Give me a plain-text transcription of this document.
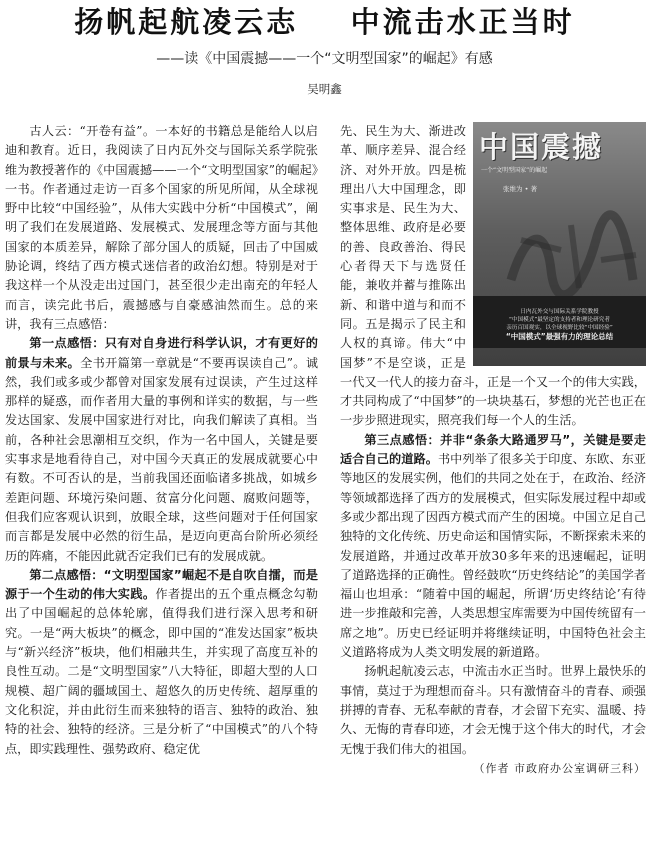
扬帆起航凌云志    中流击水正当时
——读《中国震撼——一个“文明型国家”的崛起》有感
吴明鑫

古人云：“开卷有益”。一本好的书籍总是能给人以启迪和教育。近日，我阅读了日内瓦外交与国际关系学院张维为教授著作的《中国震撼——一个“文明型国家”的崛起》一书。作者通过走访一百多个国家的所见所闻，从全球视野中比较“中国经验”，从伟大实践中分析“中国模式”，阐明了我们在发展道路、发展模式、发展理念等方面与其他国家的本质差异，解除了部分国人的质疑，回击了中国威胁论调，终结了西方模式迷信者的政治幻想。特别是对于我这样一个从没走出过国门，甚至很少走出南充的年轻人而言，读完此书后，震撼感与自豪感油然而生。总的来讲，我有三点感悟：

第一点感悟：只有对自身进行科学认识，才有更好的前景与未来。全书开篇第一章就是“不要再误读自己”。诚然，我们或多或少都曾对国家发展有过误读，产生过这样那样的疑惑，而作者用大量的事例和详实的数据，与一些发达国家、发展中国家进行对比，向我们解读了真相。当前，各种社会思潮相互交织，作为一名中国人，关键是要实事求是地看待自己，对中国今天真正的发展成就要心中有数。不可否认的是，当前我国还面临诸多挑战，如城乡差距问题、环境污染问题、贫富分化问题、腐败问题等，但我们应客观认识到，放眼全球，这些问题对于任何国家而言都是发展中必然的衍生品，是迈向更高台阶所必须经历的阵痛，不能因此就否定我们已有的发展成就。

第二点感悟：“文明型国家”崛起不是自吹自擂，而是源于一个生动的伟大实践。作者提出的五个重点概念勾勒出了中国崛起的总体轮廓，值得我们进行深入思考和研究。一是“两大板块”的概念，即中国的“准发达国家”板块与“新兴经济”板块，他们相融共生，并实现了高度互补的良性互动。二是“文明型国家”八大特征，即超大型的人口规模、超广阔的疆域国土、超悠久的历史传统、超厚重的文化积淀，并由此衍生而来独特的语言、独特的政治、独特的社会、独特的经济。三是分析了“中国模式”的八个特点，即实践理性、强势政府、稳定优

中国震撼
一个“文明型国家”的崛起
张维为 • 著
日内瓦外交与国际关系学院教授
“中国模式”最坚定的支持者和理论研究者
亲历百国观实，以全球视野比较“中国经验”
“中国模式”最强有力的理论总结

先、民生为大、渐进改革、顺序差异、混合经济、对外开放。四是梳理出八大中国理念，即实事求是、民生为大、整体思维、政府是必要的善、良政善治、得民心者得天下与选贤任能，兼收并蓄与推陈出新、和谐中道与和而不同。五是揭示了民主和人权的真谛。伟大“中国梦”不是空谈，正是一代又一代人的接力奋斗，正是一个又一个的伟大实践，才共同构成了“中国梦”的一块块基石，梦想的光芒也正在一步步照进现实，照亮我们每一个人的生活。

第三点感悟：并非“条条大路通罗马”，关键是要走适合自己的道路。书中列举了很多关于印度、东欧、东亚等地区的发展实例，他们的共同之处在于，在政治、经济等领域都选择了西方的发展模式，但实际发展过程中却或多或少都出现了因西方模式而产生的困境。中国立足自己独特的文化传统、历史命运和国情实际，不断探索未来的发展道路，并通过改革开放30多年来的迅速崛起，证明了道路选择的正确性。曾经鼓吹“历史终结论”的美国学者福山也坦承：“随着中国的崛起，所谓‘历史终结论’有待进一步推敲和完善，人类思想宝库需要为中国传统留有一席之地”。历史已经证明并将继续证明，中国特色社会主义道路将成为人类文明发展的新道路。

扬帆起航凌云志，中流击水正当时。世界上最快乐的事情，莫过于为理想而奋斗。只有激情奋斗的青春、顽强拼搏的青春、无私奉献的青春，才会留下充实、温暖、持久、无悔的青春印迹，才会无愧于这个伟大的时代，才会无愧于我们伟大的祖国。

（作者 市政府办公室调研三科）
